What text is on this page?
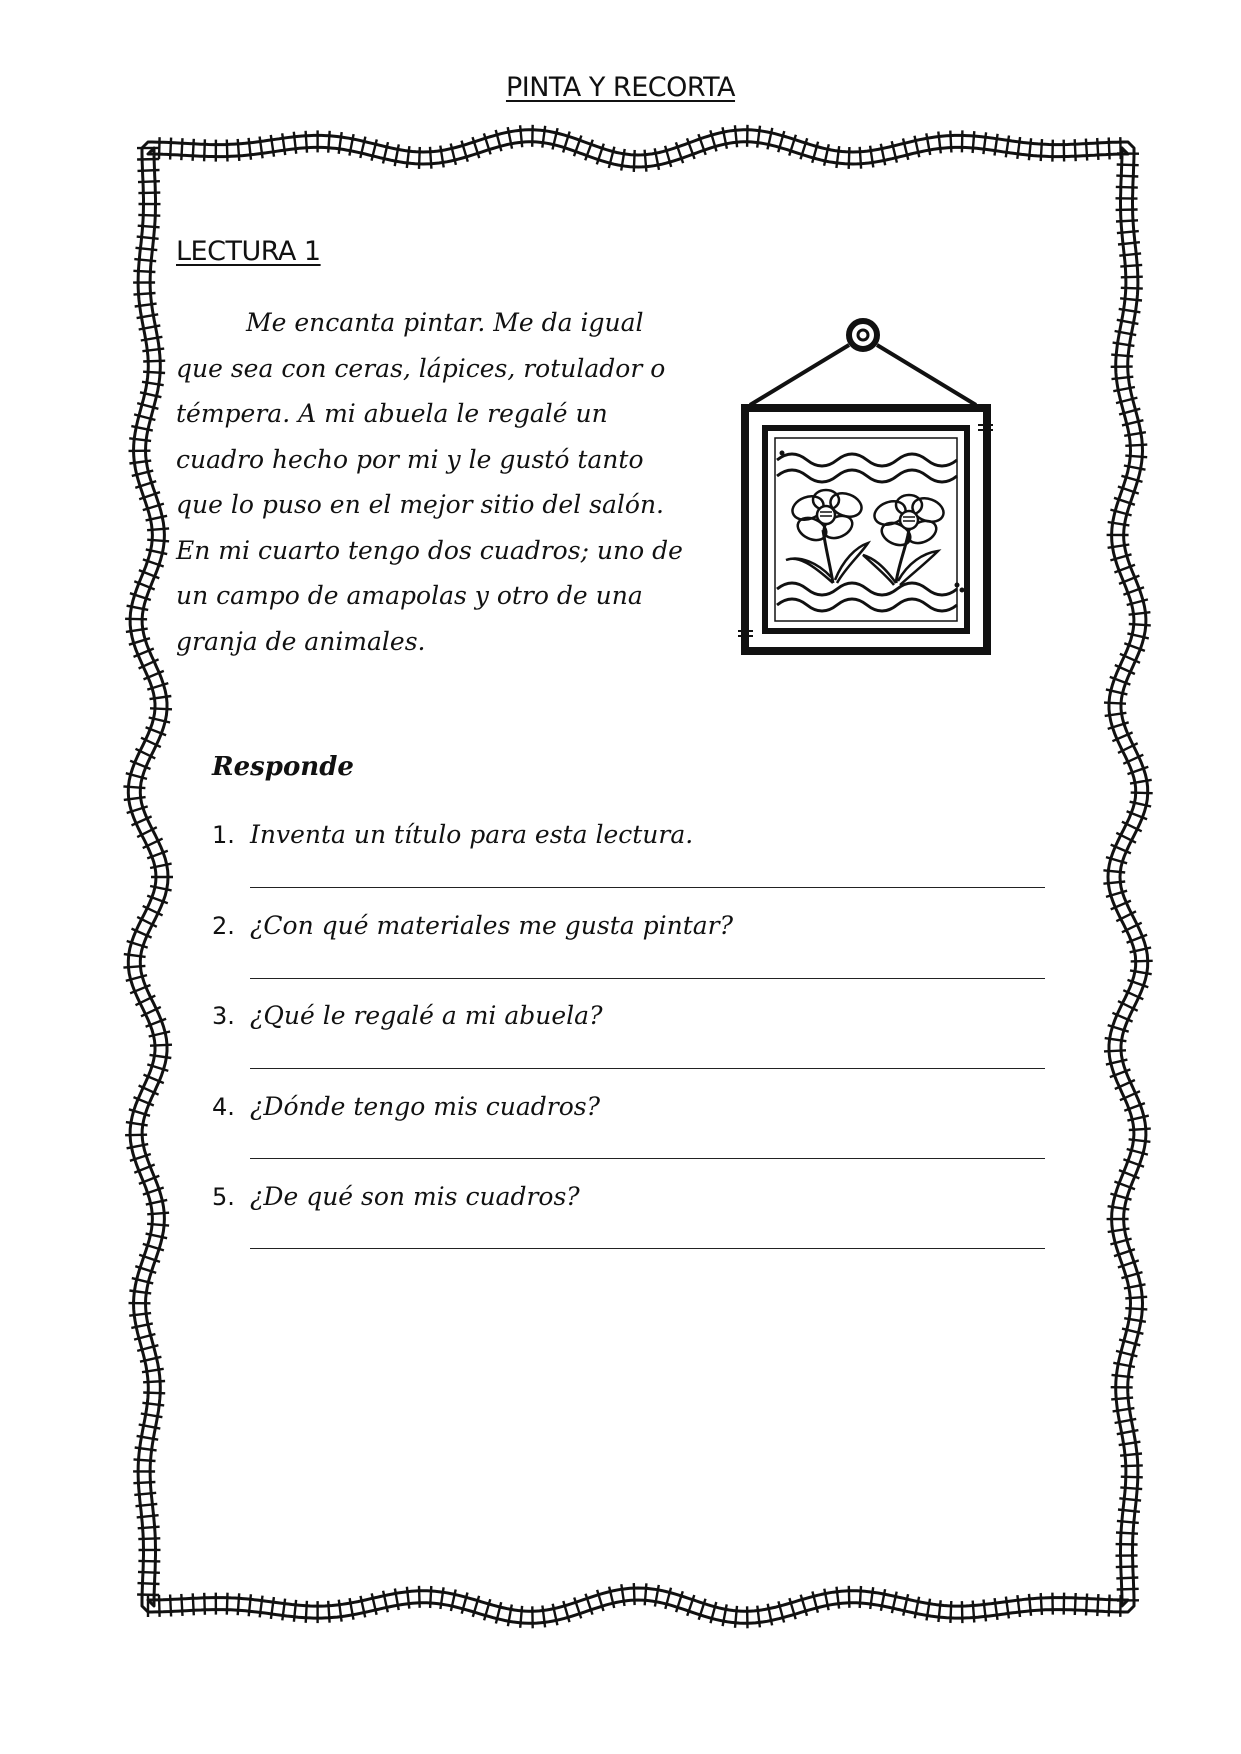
PINTA Y RECORTA
LECTURA 1

Me encanta pintar. Me da igual

que sea con ceras, lápices, rotulador o

témpera. A mi abuela le regalé un

cuadro hecho por mi y le gustó tanto

que lo puso en el mejor sitio del salón.

En mi cuarto tengo dos cuadros; uno de

un campo de amapolas y otro de una

granja de animales.

Responde
1. Inventa un título para esta lectura.
2. ¿Con qué materiales me gusta pintar?
3. ¿Qué le regalé a mi abuela?
4. ¿Dónde tengo mis cuadros?
5. ¿De qué son mis cuadros?
